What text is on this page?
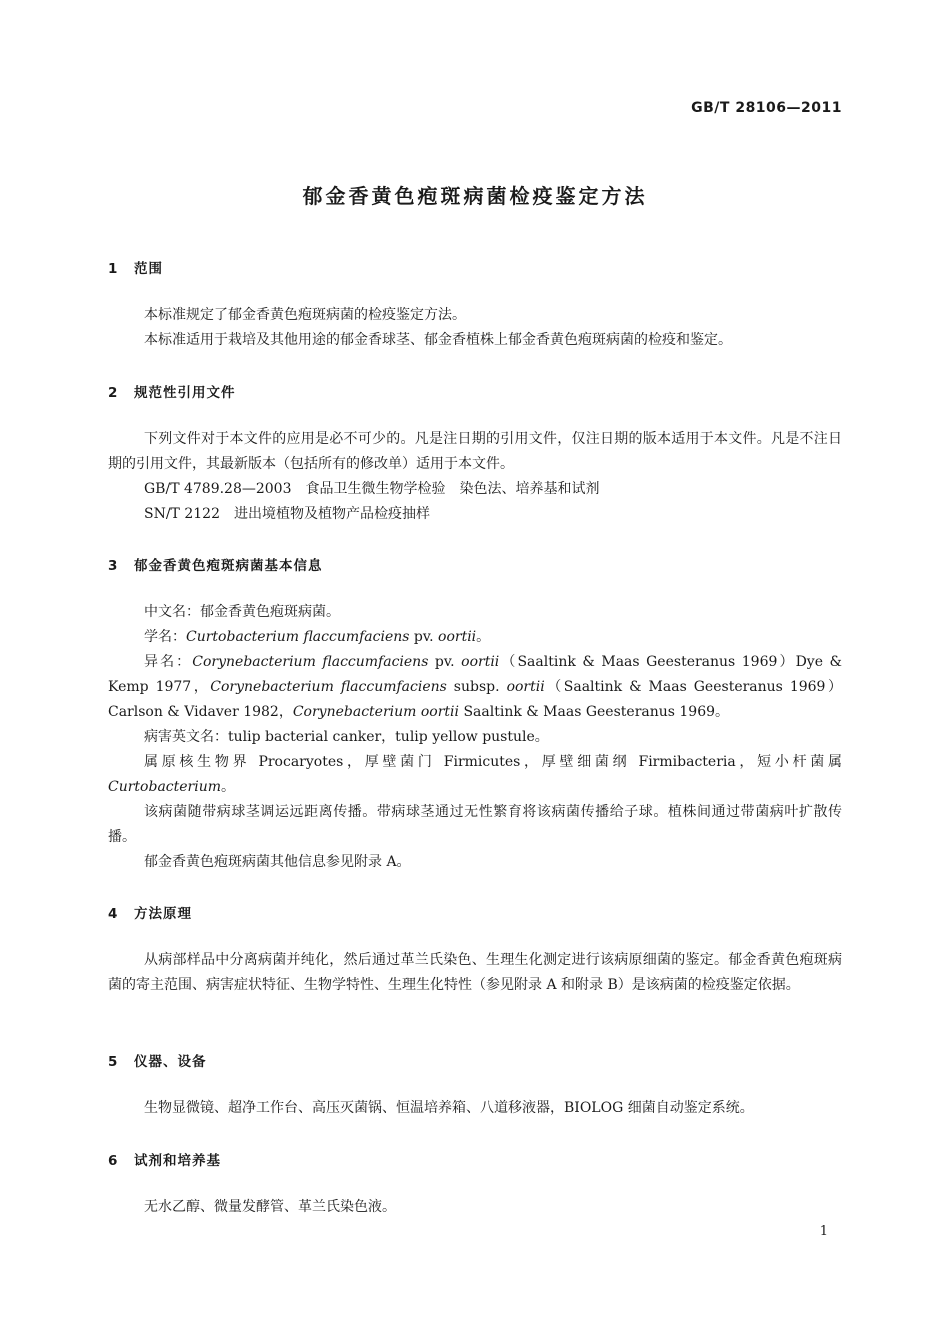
GB/T 28106—2011
郁金香黄色疱斑病菌检疫鉴定方法
1 范围
本标准规定了郁金香黄色疱斑病菌的检疫鉴定方法。
本标准适用于栽培及其他用途的郁金香球茎、郁金香植株上郁金香黄色疱斑病菌的检疫和鉴定。
2 规范性引用文件
下列文件对于本文件的应用是必不可少的。凡是注日期的引用文件，仅注日期的版本适用于本文件。凡是不注日期的引用文件，其最新版本（包括所有的修改单）适用于本文件。
GB/T 4789.28—2003 食品卫生微生物学检验　染色法、培养基和试剂
SN/T 2122 进出境植物及植物产品检疫抽样
3 郁金香黄色疱斑病菌基本信息
中文名：郁金香黄色疱斑病菌。
学名：Curtobacterium flaccumfaciens pv. oortii。
异名：Corynebacterium flaccumfaciens pv. oortii（Saaltink & Maas Geesteranus 1969）Dye & Kemp 1977，Corynebacterium flaccumfaciens subsp. oortii（Saaltink & Maas Geesteranus 1969）Carlson & Vidaver 1982，Corynebacterium oortii Saaltink & Maas Geesteranus 1969。
病害英文名：tulip bacterial canker，tulip yellow pustule。
属原核生物界 Procaryotes，厚壁菌门 Firmicutes，厚壁细菌纲 Firmibacteria，短小杆菌属 Curtobacterium。
该病菌随带病球茎调运远距离传播。带病球茎通过无性繁育将该病菌传播给子球。植株间通过带菌病叶扩散传播。
郁金香黄色疱斑病菌其他信息参见附录 A。
4 方法原理
从病部样品中分离病菌并纯化，然后通过革兰氏染色、生理生化测定进行该病原细菌的鉴定。郁金香黄色疱斑病菌的寄主范围、病害症状特征、生物学特性、生理生化特性（参见附录 A 和附录 B）是该病菌的检疫鉴定依据。
5 仪器、设备
生物显微镜、超净工作台、高压灭菌锅、恒温培养箱、八道移液器，BIOLOG 细菌自动鉴定系统。
6 试剂和培养基
无水乙醇、微量发酵管、革兰氏染色液。
1
